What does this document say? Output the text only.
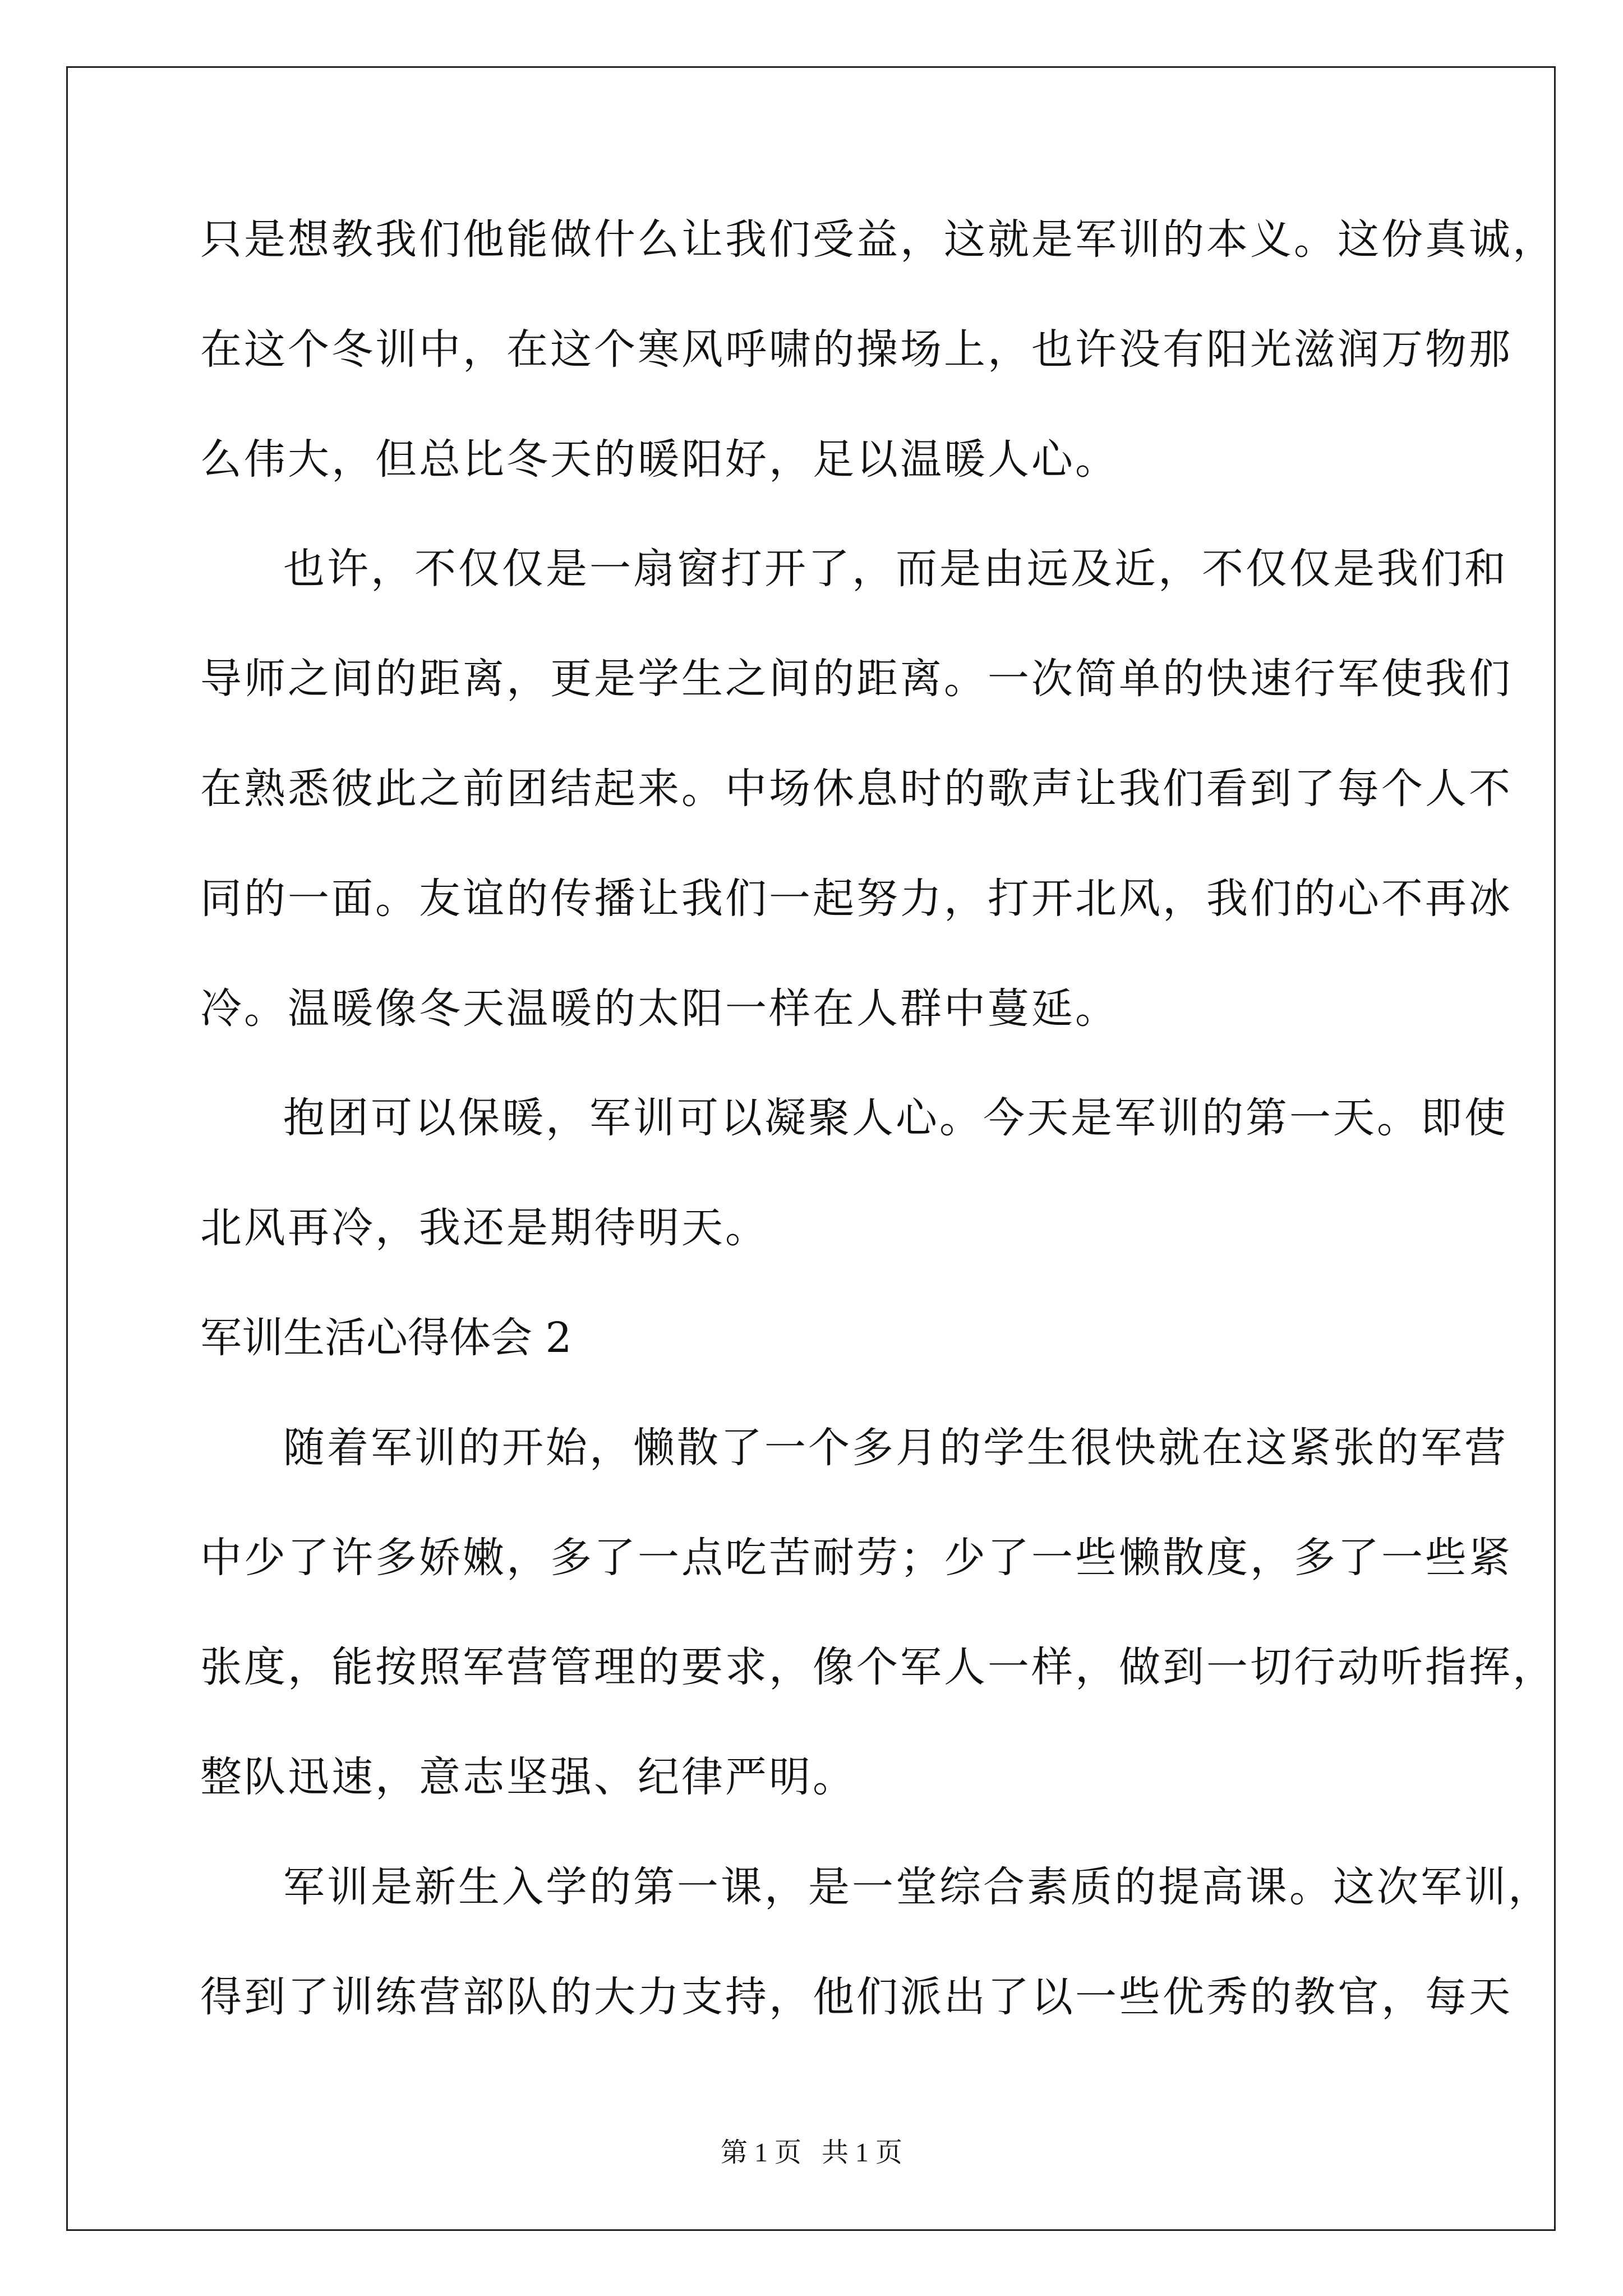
只是想教我们他能做什么让我们受益，这就是军训的本义。这份真诚，

在这个冬训中，在这个寒风呼啸的操场上，也许没有阳光滋润万物那

么伟大，但总比冬天的暖阳好，足以温暖人心。

也许，不仅仅是一扇窗打开了，而是由远及近，不仅仅是我们和

导师之间的距离，更是学生之间的距离。一次简单的快速行军使我们

在熟悉彼此之前团结起来。中场休息时的歌声让我们看到了每个人不

同的一面。友谊的传播让我们一起努力，打开北风，我们的心不再冰

冷。温暖像冬天温暖的太阳一样在人群中蔓延。

抱团可以保暖，军训可以凝聚人心。今天是军训的第一天。即使

北风再冷，我还是期待明天。

军训生活心得体会 2

随着军训的开始，懒散了一个多月的学生很快就在这紧张的军营

中少了许多娇嫩，多了一点吃苦耐劳；少了一些懒散度，多了一些紧

张度，能按照军营管理的要求，像个军人一样，做到一切行动听指挥，

整队迅速，意志坚强、纪律严明。

军训是新生入学的第一课，是一堂综合素质的提高课。这次军训，

得到了训练营部队的大力支持，他们派出了以一些优秀的教官，每天

第 1 页   共 1 页
